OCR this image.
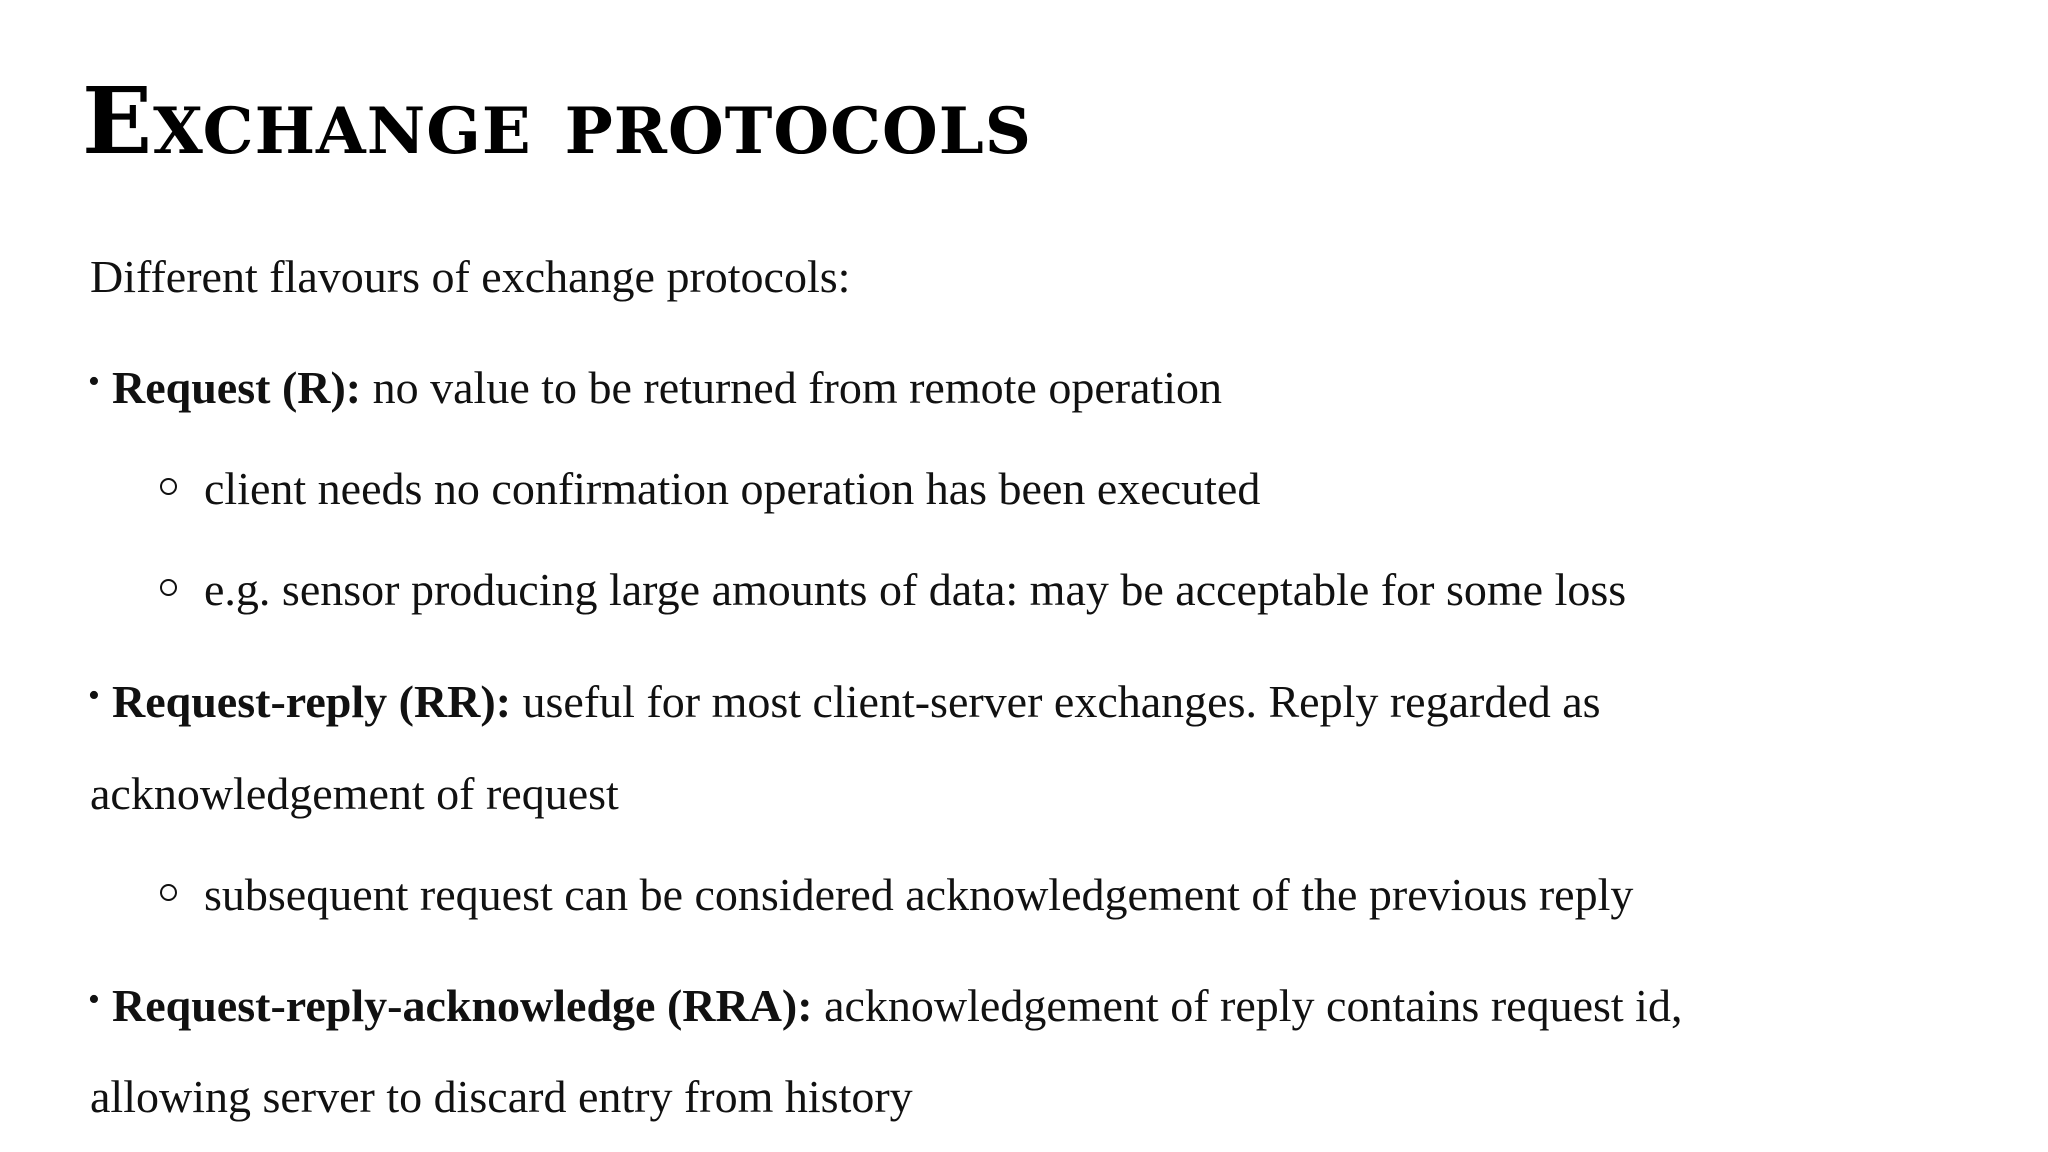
Exchange protocols
Different flavours of exchange protocols:
• Request (R): no value to be returned from remote operation
client needs no confirmation operation has been executed
e.g. sensor producing large amounts of data: may be acceptable for some loss
• Request-reply (RR): useful for most client-server exchanges. Reply regarded as
acknowledgement of request
subsequent request can be considered acknowledgement of the previous reply
• Request-reply-acknowledge (RRA): acknowledgement of reply contains request id,
allowing server to discard entry from history
